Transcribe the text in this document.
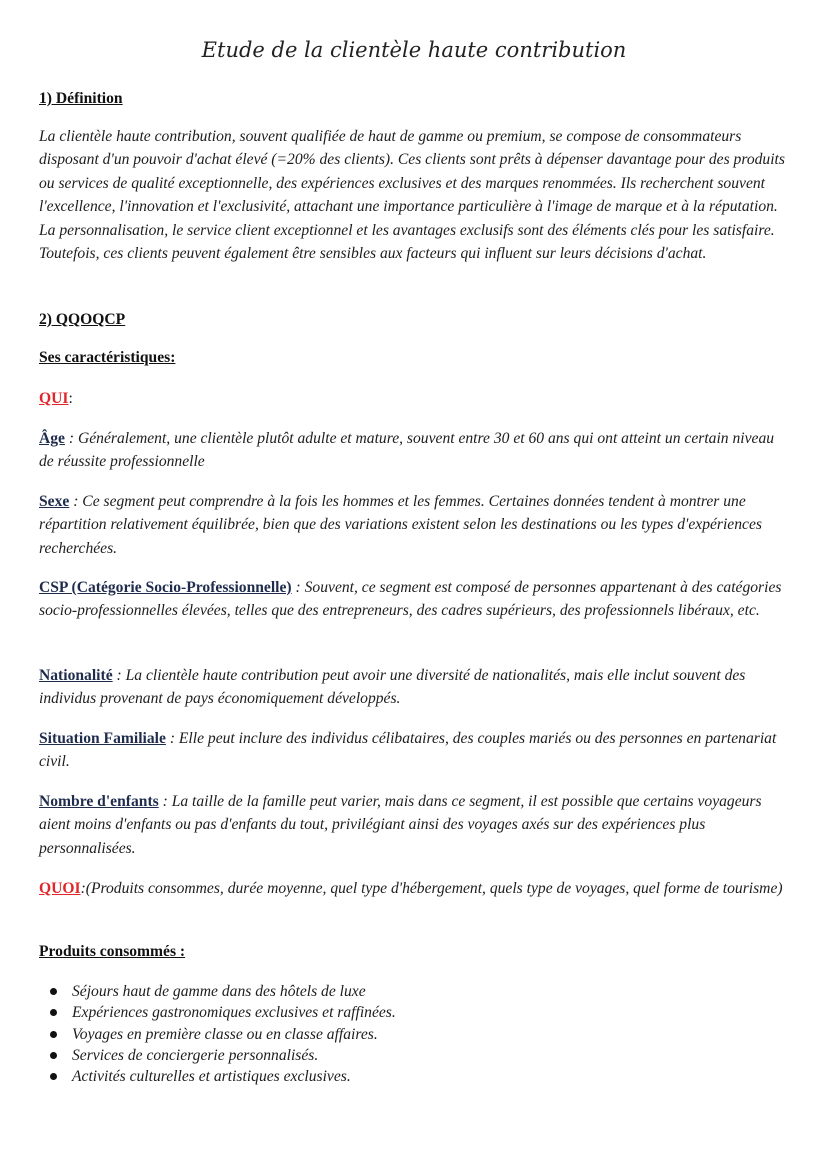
Etude de la clientèle haute contribution
1) Définition
La clientèle haute contribution, souvent qualifiée de haut de gamme ou premium, se compose de consommateurs disposant d'un pouvoir d'achat élevé (=20% des clients). Ces clients sont prêts à dépenser davantage pour des produits ou services de qualité exceptionnelle, des expériences exclusives et des marques renommées. Ils recherchent souvent l'excellence, l'innovation et l'exclusivité, attachant une importance particulière à l'image de marque et à la réputation. La personnalisation, le service client exceptionnel et les avantages exclusifs sont des éléments clés pour les satisfaire. Toutefois, ces clients peuvent également être sensibles aux facteurs qui influent sur leurs décisions d'achat.
2) QQOQCP
Ses caractéristiques:
QUI:
Âge : Généralement, une clientèle plutôt adulte et mature, souvent entre 30 et 60 ans qui ont atteint un certain niveau de réussite professionnelle
Sexe : Ce segment peut comprendre à la fois les hommes et les femmes. Certaines données tendent à montrer une répartition relativement équilibrée, bien que des variations existent selon les destinations ou les types d'expériences recherchées.
CSP (Catégorie Socio-Professionnelle) : Souvent, ce segment est composé de personnes appartenant à des catégories socio-professionnelles élevées, telles que des entrepreneurs, des cadres supérieurs, des professionnels libéraux, etc.
Nationalité : La clientèle haute contribution peut avoir une diversité de nationalités, mais elle inclut souvent des individus provenant de pays économiquement développés.
Situation Familiale : Elle peut inclure des individus célibataires, des couples mariés ou des personnes en partenariat civil.
Nombre d'enfants : La taille de la famille peut varier, mais dans ce segment, il est possible que certains voyageurs aient moins d'enfants ou pas d'enfants du tout, privilégiant ainsi des voyages axés sur des expériences plus personnalisées.
QUOI:(Produits consommes, durée moyenne, quel type d'hébergement, quels type de voyages, quel forme de tourisme)
Produits consommés :
Séjours haut de gamme dans des hôtels de luxe
Expériences gastronomiques exclusives et raffinées.
Voyages en première classe ou en classe affaires.
Services de conciergerie personnalisés.
Activités culturelles et artistiques exclusives.
